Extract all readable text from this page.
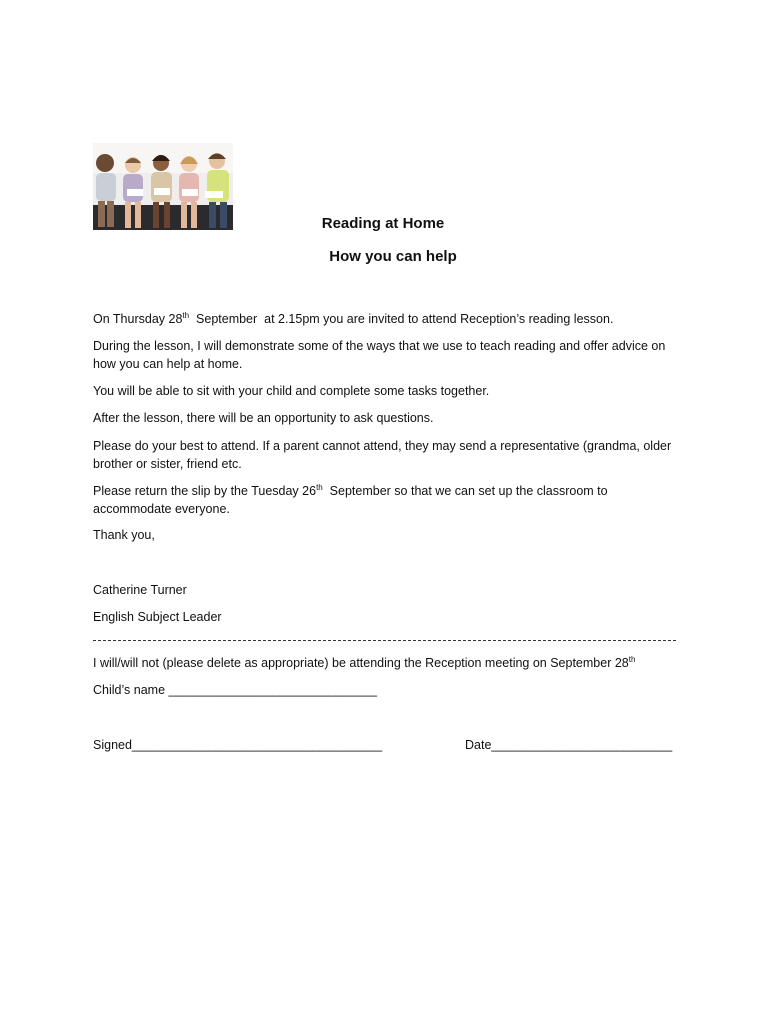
Reading at Home
How you can help
On Thursday 28th  September  at 2.15pm you are invited to attend Reception’s reading lesson.
During the lesson, I will demonstrate some of the ways that we use to teach reading and offer advice on how you can help at home.
You will be able to sit with your child and complete some tasks together.
After the lesson, there will be an opportunity to ask questions.
Please do your best to attend. If a parent cannot attend, they may send a representative (grandma, older brother or sister, friend etc.
Please return the slip by the Tuesday 26th  September so that we can set up the classroom to accommodate everyone.
Thank you,
Catherine Turner
English Subject Leader
I will/will not (please delete as appropriate) be attending the Reception meeting on September 28th
Child’s name ______________________________
Signed____________________________________	Date__________________________
